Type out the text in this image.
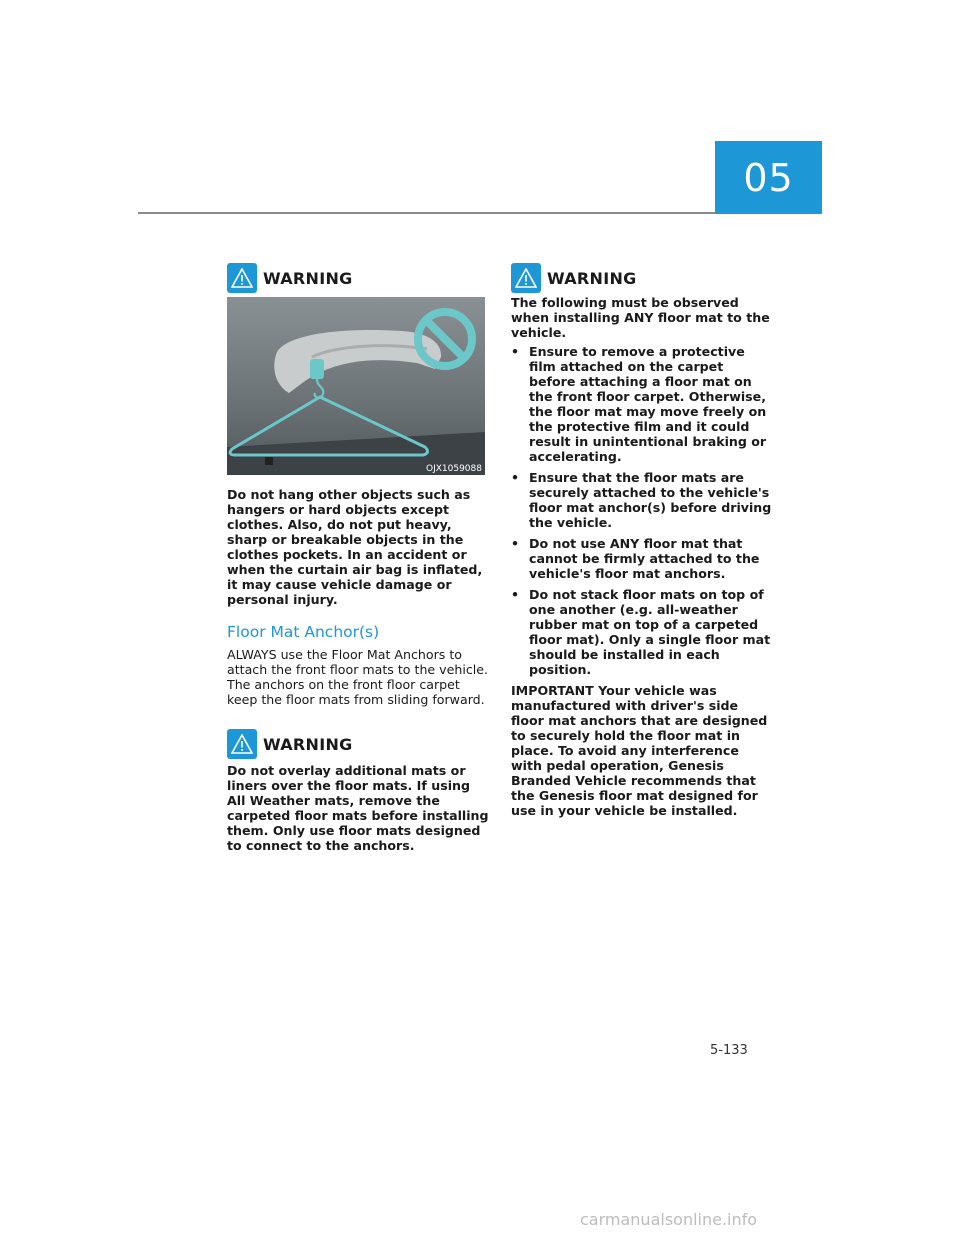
05
WARNING
OJX1059088

Do not hang other objects such as hangers or hard objects except clothes. Also, do not put heavy, sharp or breakable objects in the clothes pockets. In an accident or when the curtain air bag is inflated, it may cause vehicle damage or personal injury.

Floor Mat Anchor(s)

ALWAYS use the Floor Mat Anchors to attach the front floor mats to the vehicle. The anchors on the front floor carpet keep the floor mats from sliding forward.

WARNING

Do not overlay additional mats or liners over the floor mats. If using All Weather mats, remove the carpeted floor mats before installing them. Only use floor mats designed to connect to the anchors.

WARNING

The following must be observed when installing ANY floor mat to the vehicle.

• Ensure to remove a protective film attached on the carpet before attaching a floor mat on the front floor carpet. Otherwise, the floor mat may move freely on the protective film and it could result in unintentional braking or accelerating.
• Ensure that the floor mats are securely attached to the vehicle's floor mat anchor(s) before driving the vehicle.
• Do not use ANY floor mat that cannot be firmly attached to the vehicle's floor mat anchors.
• Do not stack floor mats on top of one another (e.g. all-weather rubber mat on top of a carpeted floor mat). Only a single floor mat should be installed in each position.

IMPORTANT Your vehicle was manufactured with driver's side floor mat anchors that are designed to securely hold the floor mat in place. To avoid any interference with pedal operation, Genesis Branded Vehicle recommends that the Genesis floor mat designed for use in your vehicle be installed.

5-133
carmanualsonline.info
